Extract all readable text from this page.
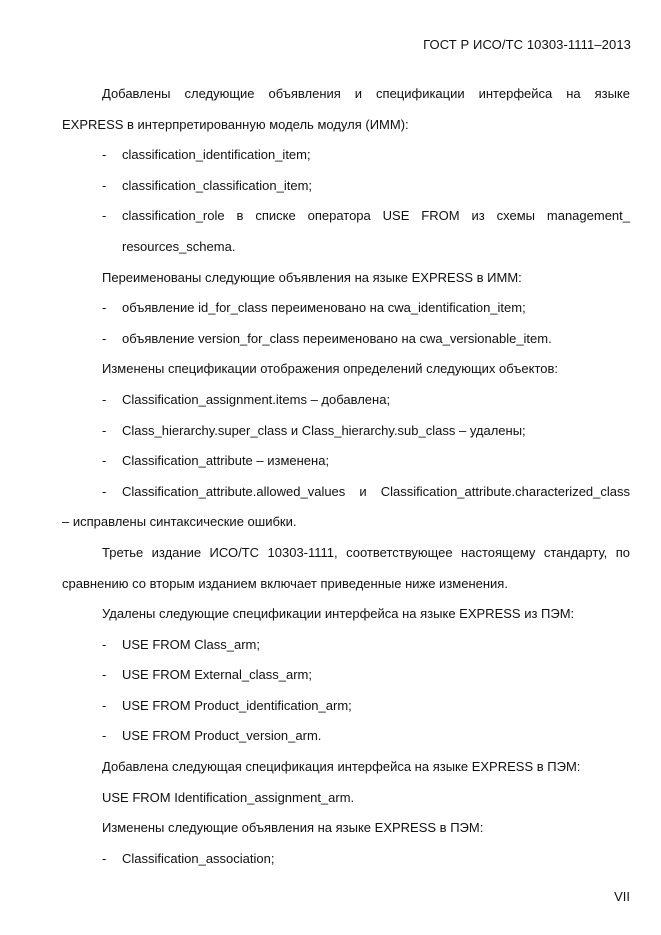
ГОСТ Р ИСО/ТС 10303-1111–2013
Добавлены следующие объявления и спецификации интерфейса на языке
EXPRESS в интерпретированную модель модуля (ИММ):
-	classification_identification_item;
-	classification_classification_item;
-	classification_role в списке оператора USE FROM из схемы management_
resources_schema.
Переименованы следующие объявления на языке EXPRESS в ИММ:
-	объявление id_for_class переименовано на cwa_identification_item;
-	объявление version_for_class переименовано на cwa_versionable_item.
Изменены спецификации отображения определений следующих объектов:
-	Classification_assignment.items – добавлена;
-	Class_hierarchy.super_class и Class_hierarchy.sub_class – удалены;
-	Classification_attribute – изменена;
-	Classification_attribute.allowed_values и Classification_attribute.characterized_class
– исправлены синтаксические ошибки.
Третье издание ИСО/ТС 10303-1111, соответствующее настоящему стандарту, по
сравнению со вторым изданием включает приведенные ниже изменения.
Удалены следующие спецификации интерфейса на языке EXPRESS из ПЭМ:
-	USE FROM Class_arm;
-	USE FROM External_class_arm;
-	USE FROM Product_identification_arm;
-	USE FROM Product_version_arm.
Добавлена следующая спецификация интерфейса на языке EXPRESS в ПЭМ:
USE FROM Identification_assignment_arm.
Изменены следующие объявления на языке EXPRESS в ПЭМ:
-	Classification_association;
VII
